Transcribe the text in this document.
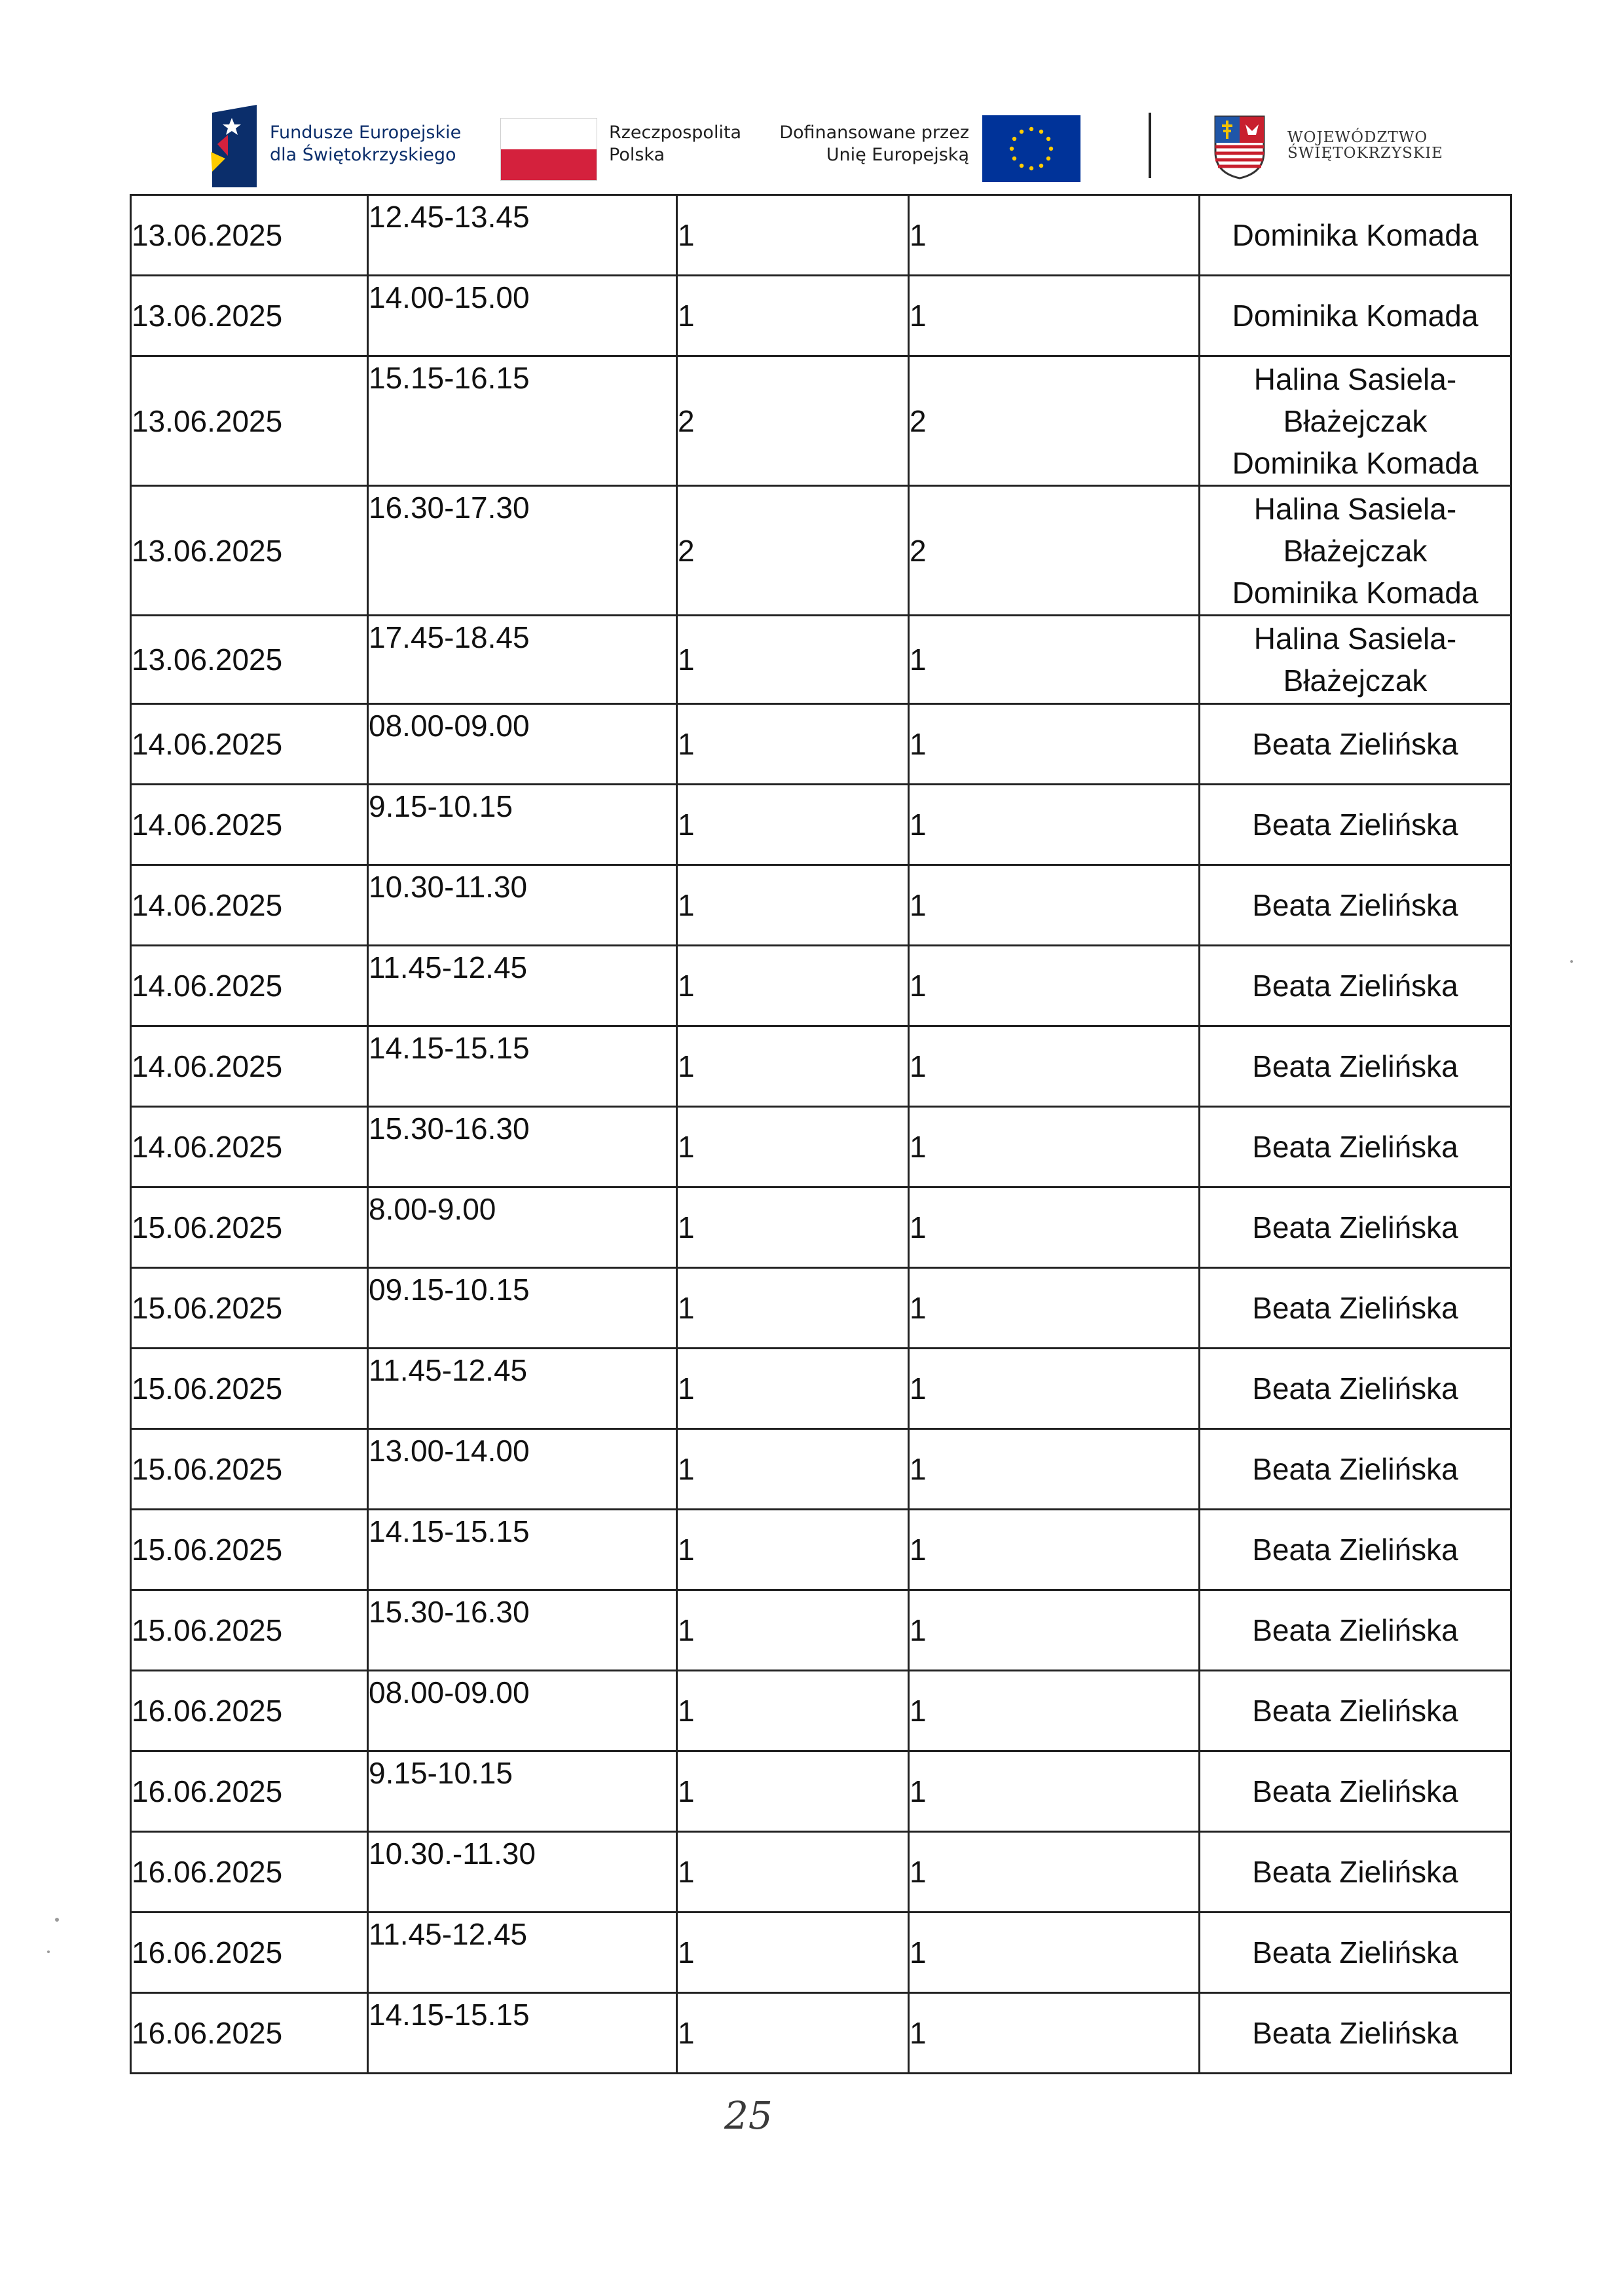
Fundusze Europejskie
dla Świętokrzyskiego
Rzeczpospolita
Polska
Dofinansowane przez
Unię Europejską
WOJEWÓDZTWO
ŚWIĘTOKRZYSKIE
13.06.2025	12.45-13.45	1	1	Dominika Komada

13.06.2025	14.00-15.00	1	1	Dominika Komada

13.06.2025	15.15-16.15	2	2	Halina Sasiela-
Błażejczak
Dominika Komada

13.06.2025	16.30-17.30	2	2	Halina Sasiela-
Błażejczak
Dominika Komada

13.06.2025	17.45-18.45	1	1	Halina Sasiela-
Błażejczak

14.06.2025	08.00-09.00	1	1	Beata Zielińska

14.06.2025	9.15-10.15	1	1	Beata Zielińska

14.06.2025	10.30-11.30	1	1	Beata Zielińska

14.06.2025	11.45-12.45	1	1	Beata Zielińska

14.06.2025	14.15-15.15	1	1	Beata Zielińska

14.06.2025	15.30-16.30	1	1	Beata Zielińska

15.06.2025	8.00-9.00	1	1	Beata Zielińska

15.06.2025	09.15-10.15	1	1	Beata Zielińska

15.06.2025	11.45-12.45	1	1	Beata Zielińska

15.06.2025	13.00-14.00	1	1	Beata Zielińska

15.06.2025	14.15-15.15	1	1	Beata Zielińska

15.06.2025	15.30-16.30	1	1	Beata Zielińska

16.06.2025	08.00-09.00	1	1	Beata Zielińska

16.06.2025	9.15-10.15	1	1	Beata Zielińska

16.06.2025	10.30.-11.30	1	1	Beata Zielińska

16.06.2025	11.45-12.45	1	1	Beata Zielińska

16.06.2025	14.15-15.15	1	1	Beata Zielińska
25
